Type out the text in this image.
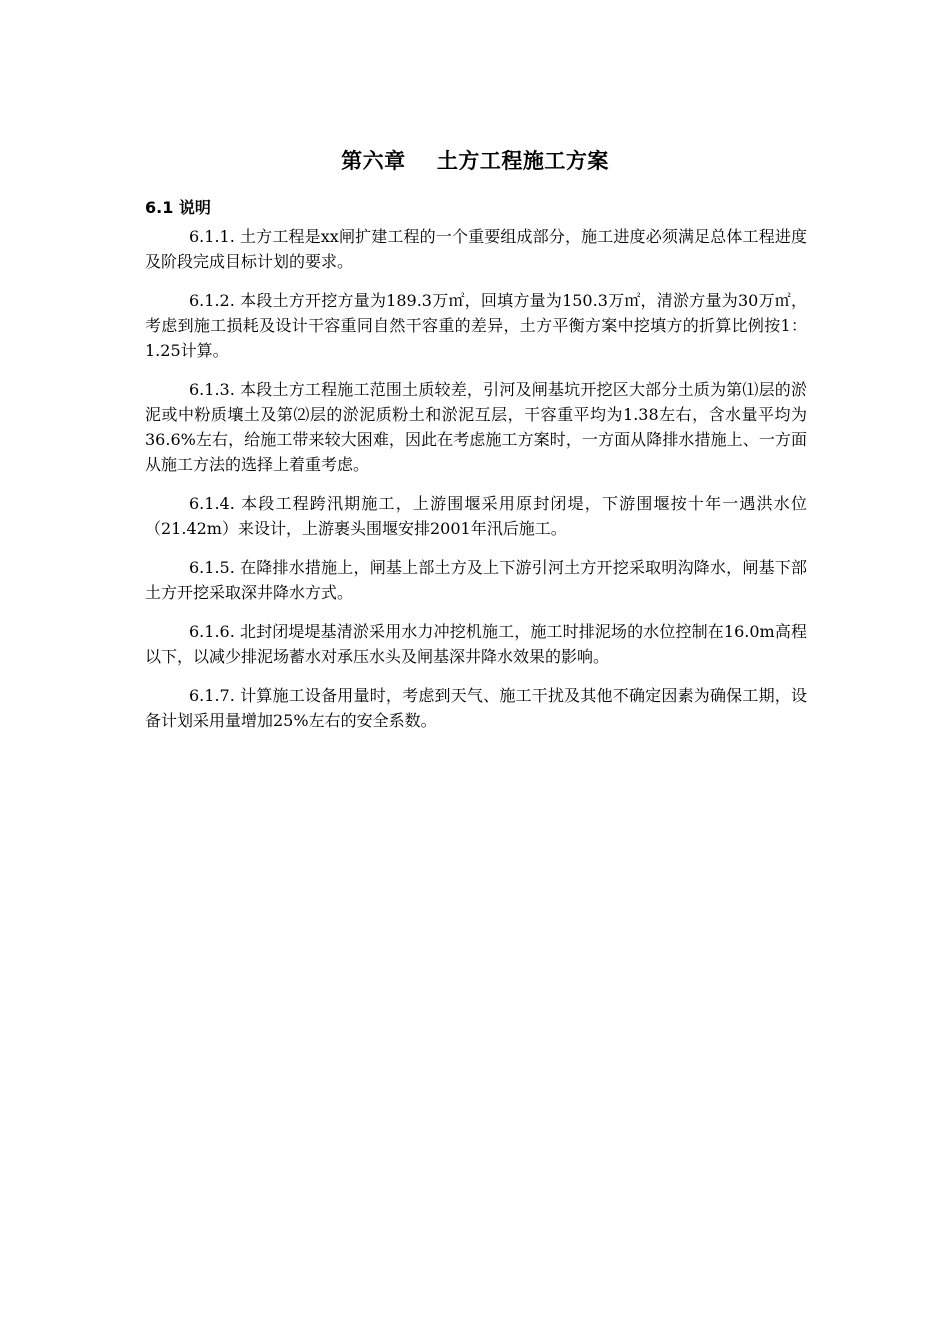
第六章    土方工程施工方案
6.1 说明

6.1.1. 土方工程是xx闸扩建工程的一个重要组成部分，施工进度必须满足总体工程进度及阶段完成目标计划的要求。

6.1.2. 本段土方开挖方量为189.3万㎡，回填方量为150.3万㎡，清淤方量为30万㎡，考虑到施工损耗及设计干容重同自然干容重的差异，土方平衡方案中挖填方的折算比例按1：1.25计算。

6.1.3. 本段土方工程施工范围土质较差，引河及闸基坑开挖区大部分土质为第⑴层的淤泥或中粉质壤土及第⑵层的淤泥质粉土和淤泥互层，干容重平均为1.38左右，含水量平均为36.6%左右，给施工带来较大困难，因此在考虑施工方案时，一方面从降排水措施上、一方面从施工方法的选择上着重考虑。

6.1.4. 本段工程跨汛期施工，上游围堰采用原封闭堤，下游围堰按十年一遇洪水位（21.42m）来设计，上游裹头围堰安排2001年汛后施工。

6.1.5. 在降排水措施上，闸基上部土方及上下游引河土方开挖采取明沟降水，闸基下部土方开挖采取深井降水方式。

6.1.6. 北封闭堤堤基清淤采用水力冲挖机施工，施工时排泥场的水位控制在16.0m高程以下，以减少排泥场蓄水对承压水头及闸基深井降水效果的影响。

6.1.7. 计算施工设备用量时，考虑到天气、施工干扰及其他不确定因素为确保工期，设备计划采用量增加25%左右的安全系数。
